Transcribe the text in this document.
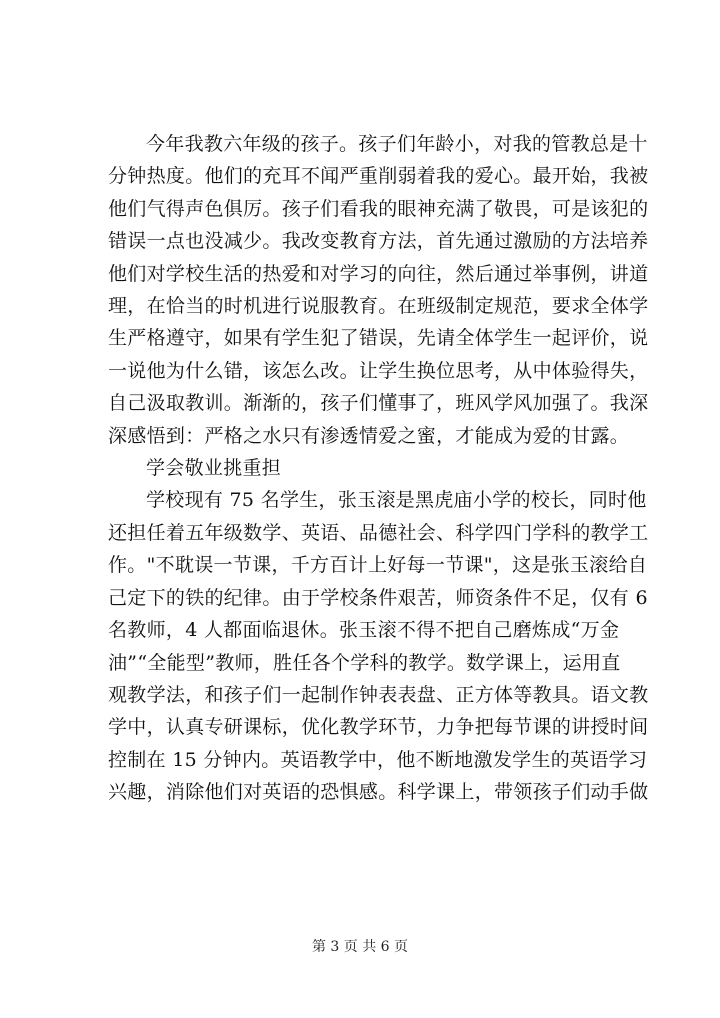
今年我教六年级的孩子。孩子们年龄小，对我的管教总是十
分钟热度。他们的充耳不闻严重削弱着我的爱心。最开始，我被
他们气得声色俱厉。孩子们看我的眼神充满了敬畏，可是该犯的
错误一点也没减少。我改变教育方法，首先通过激励的方法培养
他们对学校生活的热爱和对学习的向往，然后通过举事例，讲道
理，在恰当的时机进行说服教育。在班级制定规范，要求全体学
生严格遵守，如果有学生犯了错误，先请全体学生一起评价，说
一说他为什么错，该怎么改。让学生换位思考，从中体验得失，
自己汲取教训。渐渐的，孩子们懂事了，班风学风加强了。我深
深感悟到：严格之水只有渗透情爱之蜜，才能成为爱的甘露。

学会敬业挑重担

学校现有 75 名学生，张玉滚是黑虎庙小学的校长，同时他
还担任着五年级数学、英语、品德社会、科学四门学科的教学工
作。"不耽误一节课，千方百计上好每一节课"，这是张玉滚给自
己定下的铁的纪律。由于学校条件艰苦，师资条件不足，仅有 6
名教师，4 人都面临退休。张玉滚不得不把自己磨炼成“万金
油”“全能型”教师，胜任各个学科的教学。数学课上，运用直
观教学法，和孩子们一起制作钟表表盘、正方体等教具。语文教
学中，认真专研课标，优化教学环节，力争把每节课的讲授时间
控制在 15 分钟内。英语教学中，他不断地激发学生的英语学习
兴趣，消除他们对英语的恐惧感。科学课上，带领孩子们动手做

第 3 页 共 6 页
